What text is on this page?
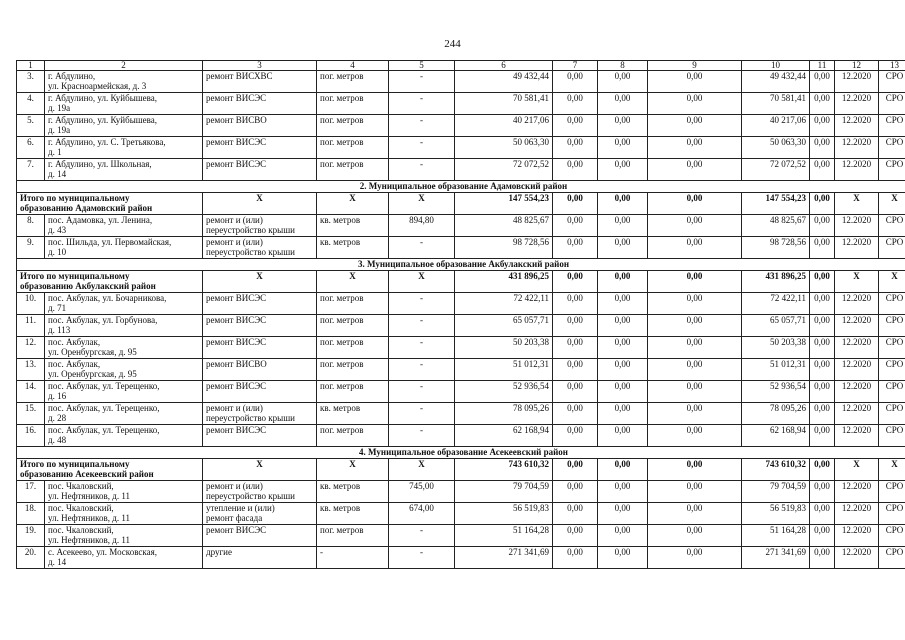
244
1	2	3	4	5	6	7	8	9	10	11	12	13
3.	г. Абдулино,
ул. Красноармейская, д. 3	ремонт ВИСХВС	пог. метров	-	49 432,44	0,00	0,00	0,00	49 432,44	0,00	12.2020	СРО
4.	г. Абдулино, ул. Куйбышева,
д. 19а	ремонт ВИСЭС	пог. метров	-	70 581,41	0,00	0,00	0,00	70 581,41	0,00	12.2020	СРО
5.	г. Абдулино, ул. Куйбышева,
д. 19а	ремонт ВИСВО	пог. метров	-	40 217,06	0,00	0,00	0,00	40 217,06	0,00	12.2020	СРО
6.	г. Абдулино, ул. С. Третьякова,
д. 1	ремонт ВИСЭС	пог. метров	-	50 063,30	0,00	0,00	0,00	50 063,30	0,00	12.2020	СРО
7.	г. Абдулино, ул. Школьная,
д. 14	ремонт ВИСЭС	пог. метров	-	72 072,52	0,00	0,00	0,00	72 072,52	0,00	12.2020	СРО
2. Муниципальное образование Адамовский район												
Итого по муниципальному
образованию Адамовский район		X	X	X	147 554,23	0,00	0,00	0,00	147 554,23	0,00	X	X
8.	пос. Адамовка, ул. Ленина,
д. 43	ремонт и (или)
переустройство крыши	кв. метров	894,80	48 825,67	0,00	0,00	0,00	48 825,67	0,00	12.2020	СРО
9.	пос. Шильда, ул. Первомайская,
д. 10	ремонт и (или)
переустройство крыши	кв. метров	-	98 728,56	0,00	0,00	0,00	98 728,56	0,00	12.2020	СРО
3. Муниципальное образование Акбулакский район												
Итого по муниципальному
образованию Акбулакский район		X	X	X	431 896,25	0,00	0,00	0,00	431 896,25	0,00	X	X
10.	пос. Акбулак, ул. Бочарникова,
д. 71	ремонт ВИСЭС	пог. метров	-	72 422,11	0,00	0,00	0,00	72 422,11	0,00	12.2020	СРО
11.	пос. Акбулак, ул. Горбунова,
д. 113	ремонт ВИСЭС	пог. метров	-	65 057,71	0,00	0,00	0,00	65 057,71	0,00	12.2020	СРО
12.	пос. Акбулак,
ул. Оренбургская, д. 95	ремонт ВИСЭС	пог. метров	-	50 203,38	0,00	0,00	0,00	50 203,38	0,00	12.2020	СРО
13.	пос. Акбулак,
ул. Оренбургская, д. 95	ремонт ВИСВО	пог. метров	-	51 012,31	0,00	0,00	0,00	51 012,31	0,00	12.2020	СРО
14.	пос. Акбулак, ул. Терещенко,
д. 16	ремонт ВИСЭС	пог. метров	-	52 936,54	0,00	0,00	0,00	52 936,54	0,00	12.2020	СРО
15.	пос. Акбулак, ул. Терещенко,
д. 28	ремонт и (или)
переустройство крыши	кв. метров	-	78 095,26	0,00	0,00	0,00	78 095,26	0,00	12.2020	СРО
16.	пос. Акбулак, ул. Терещенко,
д. 48	ремонт ВИСЭС	пог. метров	-	62 168,94	0,00	0,00	0,00	62 168,94	0,00	12.2020	СРО
4. Муниципальное образование Асекеевский район												
Итого по муниципальному
образованию Асекеевский район		X	X	X	743 610,32	0,00	0,00	0,00	743 610,32	0,00	X	X
17.	пос. Чкаловский,
ул. Нефтяников, д. 11	ремонт и (или)
переустройство крыши	кв. метров	745,00	79 704,59	0,00	0,00	0,00	79 704,59	0,00	12.2020	СРО
18.	пос. Чкаловский,
ул. Нефтяников, д. 11	утепление и (или)
ремонт фасада	кв. метров	674,00	56 519,83	0,00	0,00	0,00	56 519,83	0,00	12.2020	СРО
19.	пос. Чкаловский,
ул. Нефтяников, д. 11	ремонт ВИСЭС	пог. метров	-	51 164,28	0,00	0,00	0,00	51 164,28	0,00	12.2020	СРО
20.	с. Асекеево, ул. Московская,
д. 14	другие	-	-	271 341,69	0,00	0,00	0,00	271 341,69	0,00	12.2020	СРО
